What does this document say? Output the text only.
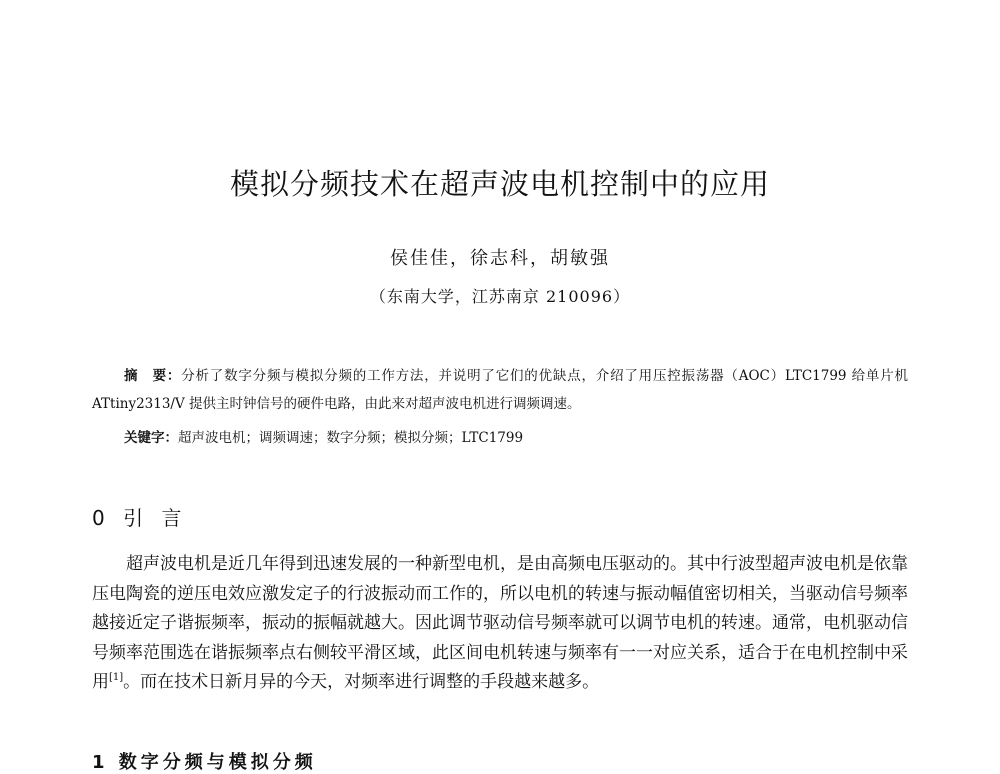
模拟分频技术在超声波电机控制中的应用
侯佳佳，徐志科，胡敏强
（东南大学，江苏南京 210096）
摘　要：分析了数字分频与模拟分频的工作方法，并说明了它们的优缺点，介绍了用压控振荡器（AOC）LTC1799 给单片机 ATtiny2313/V 提供主时钟信号的硬件电路，由此来对超声波电机进行调频调速。
关键字：超声波电机；调频调速；数字分频；模拟分频；LTC1799
0 引 言

超声波电机是近几年得到迅速发展的一种新型电机，是由高频电压驱动的。其中行波型超声波电机是依靠压电陶瓷的逆压电效应激发定子的行波振动而工作的，所以电机的转速与振动幅值密切相关，当驱动信号频率越接近定子谐振频率，振动的振幅就越大。因此调节驱动信号频率就可以调节电机的转速。通常，电机驱动信号频率范围选在谐振频率点右侧较平滑区域，此区间电机转速与频率有一一对应关系，适合于在电机控制中采用[1]。而在技术日新月异的今天，对频率进行调整的手段越来越多。

1 数字分频与模拟分频
